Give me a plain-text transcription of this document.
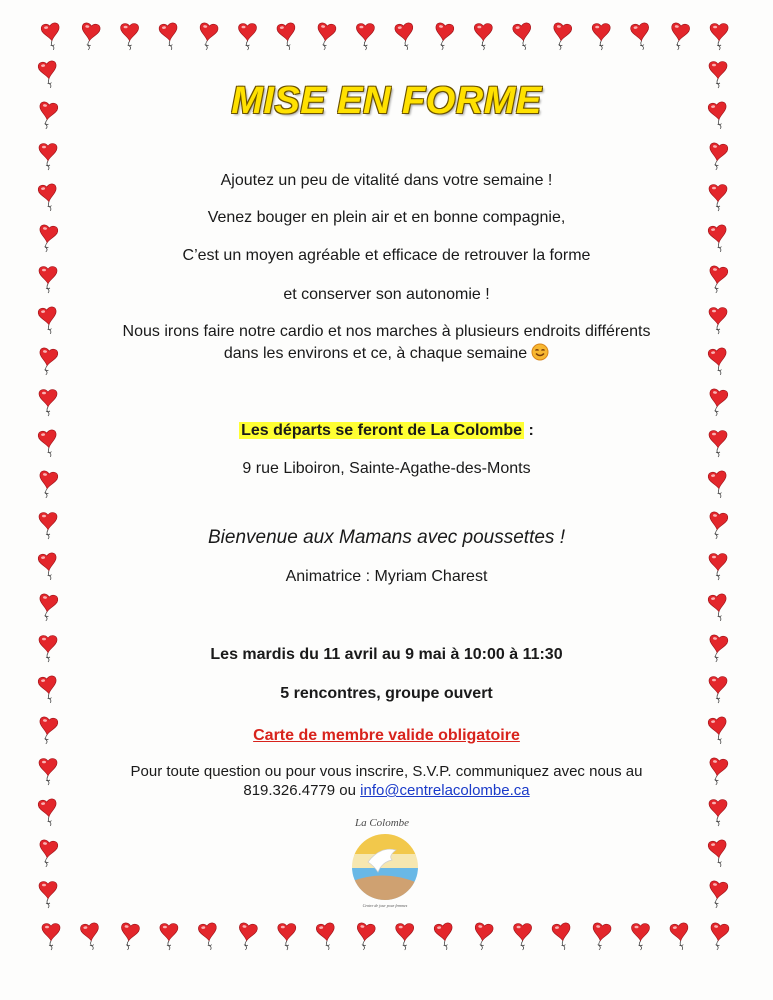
MISE EN FORME
Ajoutez un peu de vitalité dans votre semaine !
Venez bouger en plein air et en bonne compagnie,
C’est un moyen agréable et efficace de retrouver la forme
et conserver son autonomie !
Nous irons faire notre cardio et nos marches à plusieurs endroits différents
dans les environs et ce, à chaque semaine
Les départs se feront de La Colombe :
9 rue Liboiron, Sainte-Agathe-des-Monts
Bienvenue aux Mamans avec poussettes !
Animatrice : Myriam Charest
Les mardis du 11 avril au 9 mai à 10:00 à 11:30
5 rencontres, groupe ouvert
Carte de membre valide obligatoire
Pour toute question ou pour vous inscrire, S.V.P. communiquez avec nous au
819.326.4779 ou info@centrelacolombe.ca
La Colombe
Centre de jour pour femmes
